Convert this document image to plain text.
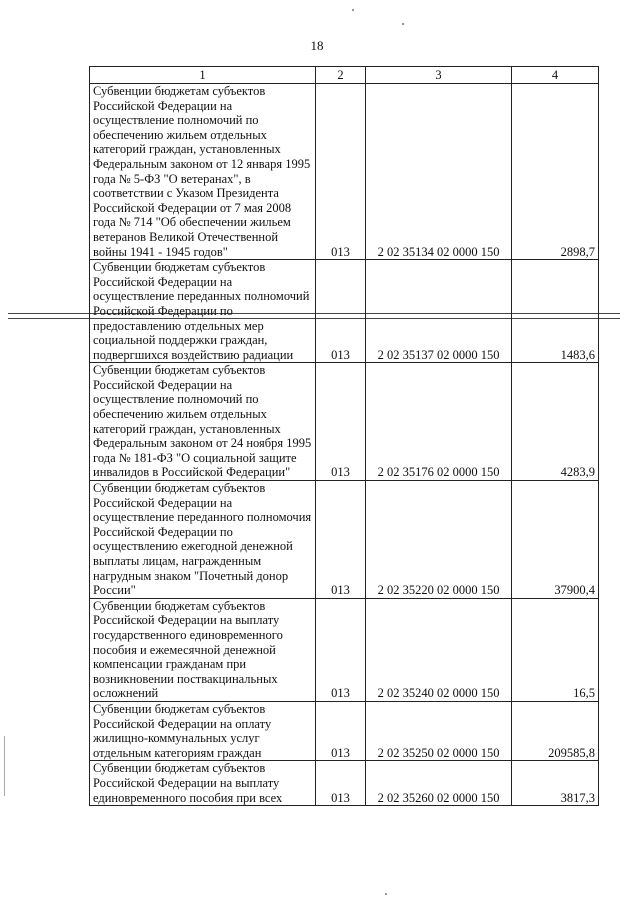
18
1	2	3	4
Субвенции бюджетам субъектов Российской Федерации на осуществление полномочий по обеспечению жильем отдельных категорий граждан, установленных Федеральным законом от 12 января 1995 года № 5-ФЗ "О ветеранах", в соответствии с Указом Президента Российской Федерации от 7 мая 2008 года № 714 "Об обеспечении жильем ветеранов Великой Отечественной войны 1941 - 1945 годов"	013	2 02 35134 02 0000 150	2898,7
Субвенции бюджетам субъектов Российской Федерации на осуществление переданных полномочий Российской Федерации по предоставлению отдельных мер социальной поддержки граждан, подвергшихся воздействию радиации	013	2 02 35137 02 0000 150	1483,6
Субвенции бюджетам субъектов Российской Федерации на осуществление полномочий по обеспечению жильем отдельных категорий граждан, установленных Федеральным законом от 24 ноября 1995 года № 181-ФЗ "О социальной защите инвалидов в Российской Федерации"	013	2 02 35176 02 0000 150	4283,9
Субвенции бюджетам субъектов Российской Федерации на осуществление переданного полномочия Российской Федерации по осуществлению ежегодной денежной выплаты лицам, награжденным нагрудным знаком "Почетный донор России"	013	2 02 35220 02 0000 150	37900,4
Субвенции бюджетам субъектов Российской Федерации на выплату государственного единовременного пособия и ежемесячной денежной компенсации гражданам при возникновении поствакцинальных осложнений	013	2 02 35240 02 0000 150	16,5
Субвенции бюджетам субъектов Российской Федерации на оплату жилищно-коммунальных услуг отдельным категориям граждан	013	2 02 35250 02 0000 150	209585,8
Субвенции бюджетам субъектов Российской Федерации на выплату единовременного пособия при всех	013	2 02 35260 02 0000 150	3817,3
